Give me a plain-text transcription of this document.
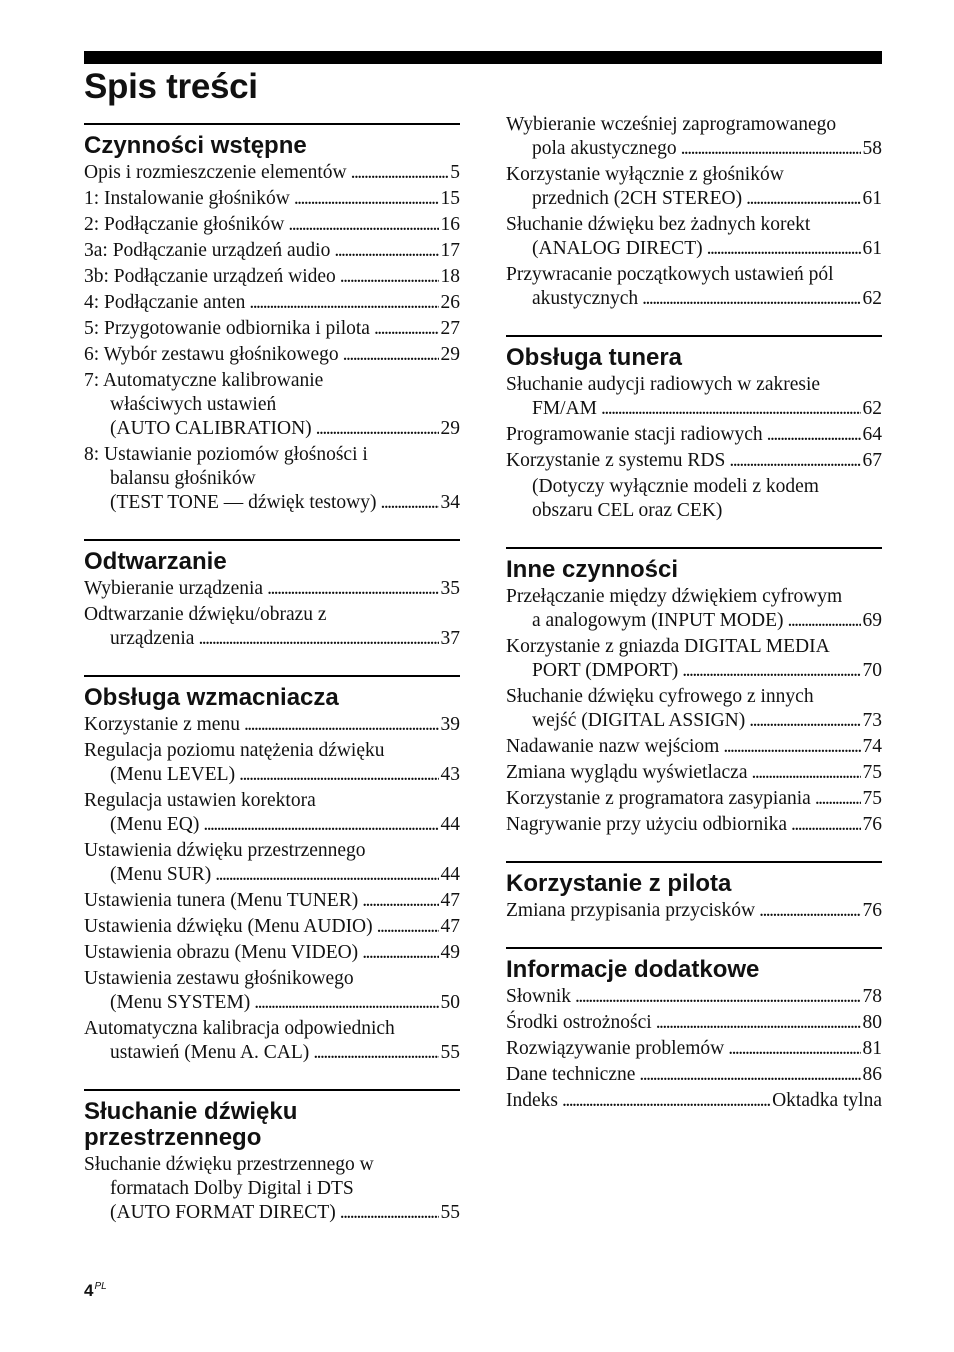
Spis treści
Czynności wstępne
Opis i rozmieszczenie elementów . . .	5
1: Instalowanie głośników . . .	15
2: Podłączanie głośników . . .	16
3a: Podłączanie urządzeń audio . . .	17
3b: Podłączanie urządzeń wideo . . .	18
4: Podłączanie anten . . .	26
5: Przygotowanie odbiornika i pilota . . .	27
6: Wybór zestawu głośnikowego . . .	29
7: Automatyczne kalibrowanie
właściwych ustawień
(AUTO CALIBRATION) . . .	29
8: Ustawianie poziomów głośności i
balansu głośników
(TEST TONE — dźwięk testowy) . . .	34
Odtwarzanie
Wybieranie urządzenia . . .	35
Odtwarzanie dźwięku/obrazu z
urządzenia . . .	37
Obsługa wzmacniacza
Korzystanie z menu . . .	39
Regulacja poziomu natężenia dźwięku
(Menu LEVEL) . . .	43
Regulacja ustawien korektora
(Menu EQ) . . .	44
Ustawienia dźwięku przestrzennego
(Menu SUR) . . .	44
Ustawienia tunera (Menu TUNER) . . .	47
Ustawienia dźwięku (Menu AUDIO) . . .	47
Ustawienia obrazu (Menu VIDEO) . . .	49
Ustawienia zestawu głośnikowego
(Menu SYSTEM) . . .	50
Automatyczna kalibracja odpowiednich
ustawień (Menu A. CAL) . . .	55
Słuchanie dźwięku przestrzennego
Słuchanie dźwięku przestrzennego w
formatach Dolby Digital i DTS
(AUTO FORMAT DIRECT) . . .	55
Wybieranie wcześniej zaprogramowanego
pola akustycznego . . .	58
Korzystanie wyłącznie z głośników
przednich (2CH STEREO) . . .	61
Słuchanie dźwięku bez żadnych korekt
(ANALOG DIRECT) . . .	61
Przywracanie początkowych ustawień pól
akustycznych . . .	62
Obsługa tunera
Słuchanie audycji radiowych w zakresie
FM/AM . . .	62
Programowanie stacji radiowych . . .	64
Korzystanie z systemu RDS . . .	67
(Dotyczy wyłącznie modeli z kodem
obszaru CEL oraz CEK)
Inne czynności
Przełączanie między dźwiękiem cyfrowym
a analogowym (INPUT MODE) . . .	69
Korzystanie z gniazda DIGITAL MEDIA
PORT (DMPORT) . . .	70
Słuchanie dźwięku cyfrowego z innych
wejść (DIGITAL ASSIGN) . . .	73
Nadawanie nazw wejściom . . .	74
Zmiana wyglądu wyświetlacza . . .	75
Korzystanie z programatora zasypiania . . .	75
Nagrywanie przy użyciu odbiornika . . .	76
Korzystanie z pilota
Zmiana przypisania przycisków . . .	76
Informacje dodatkowe
Słownik . . .	78
Środki ostrożności . . .	80
Rozwiązywanie problemów . . .	81
Dane techniczne . . .	86
Indeks . . .	Oktadka tylna
$4^{PL}$
